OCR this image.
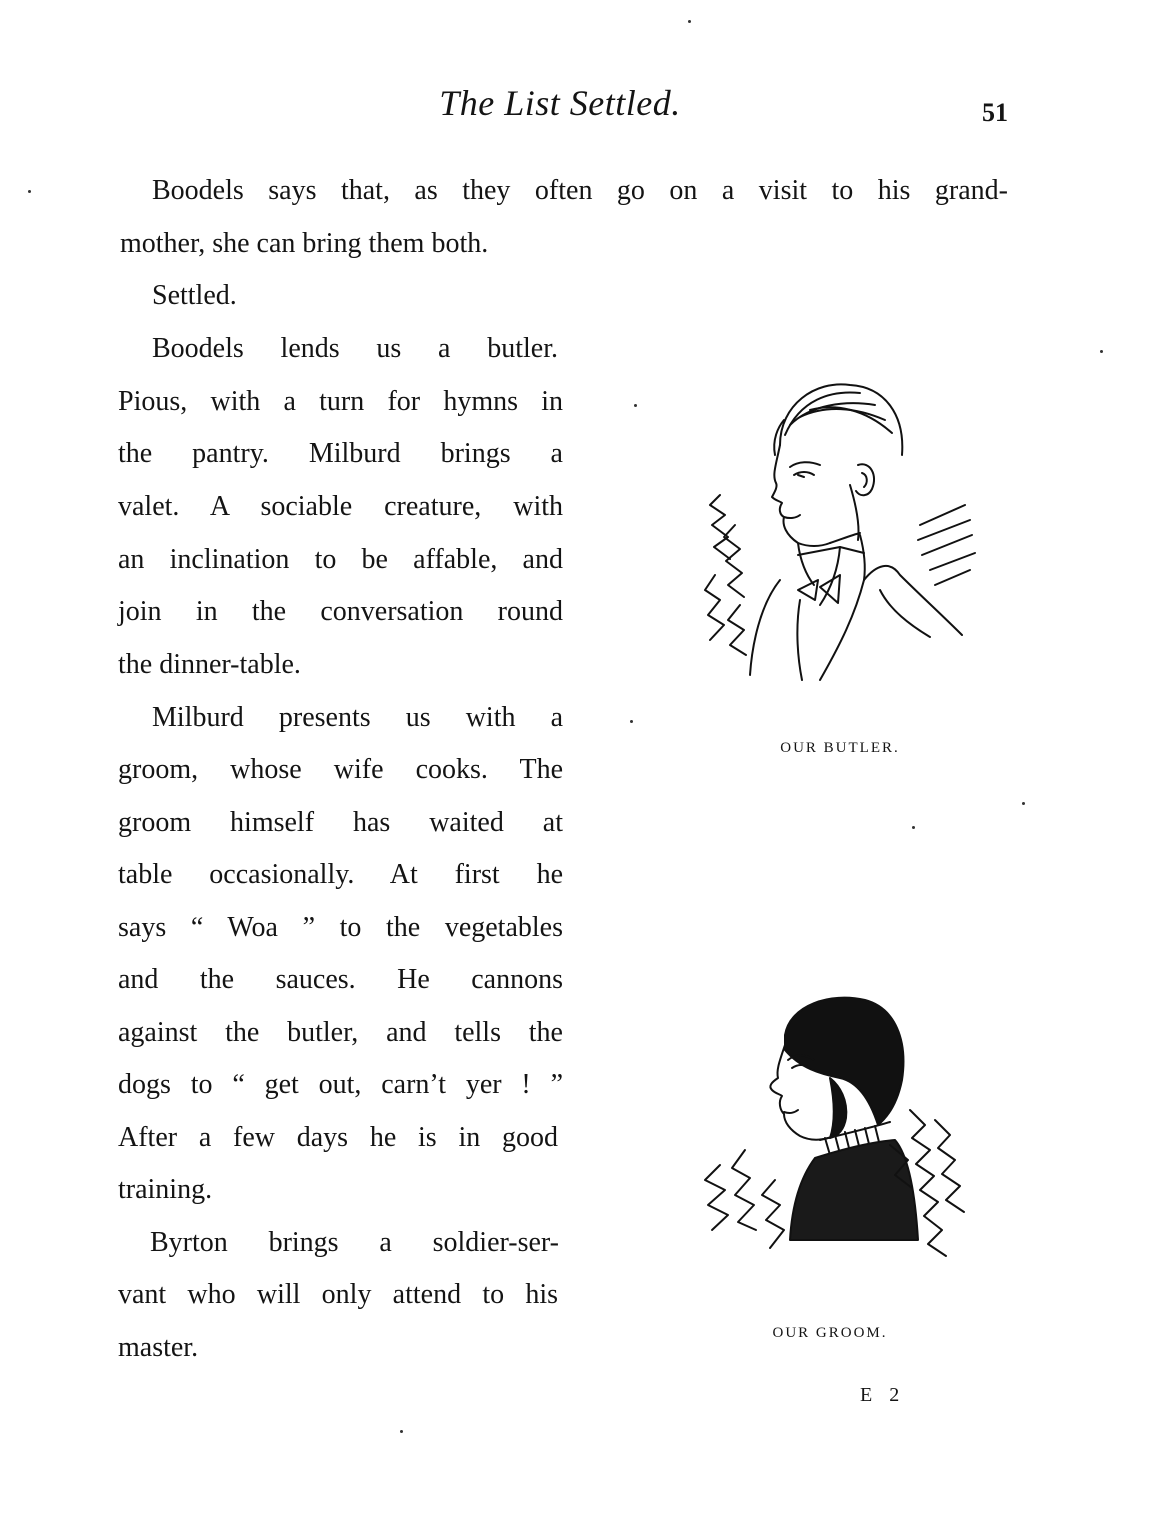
The List Settled.	51
Boodels says that, as they often go on a visit to his grand-
mother, she can bring them both.
Settled.
Boodels lends us a butler.
Pious, with a turn for hymns in
the pantry. Milburd brings a
valet. A sociable creature, with
an inclination to be affable, and
join in the conversation round
the dinner-table.
Milburd presents us with a
groom, whose wife cooks. The
groom himself has waited at
table occasionally. At first he
says “ Woa ” to the vegetables
and the sauces. He cannons
against the butler, and tells the
dogs to “ get out, carn’t yer ! ”
After a few days he is in good
training.
Byrton brings a soldier-ser-
vant who will only attend to his
master.
OUR BUTLER.
OUR GROOM.
E 2
